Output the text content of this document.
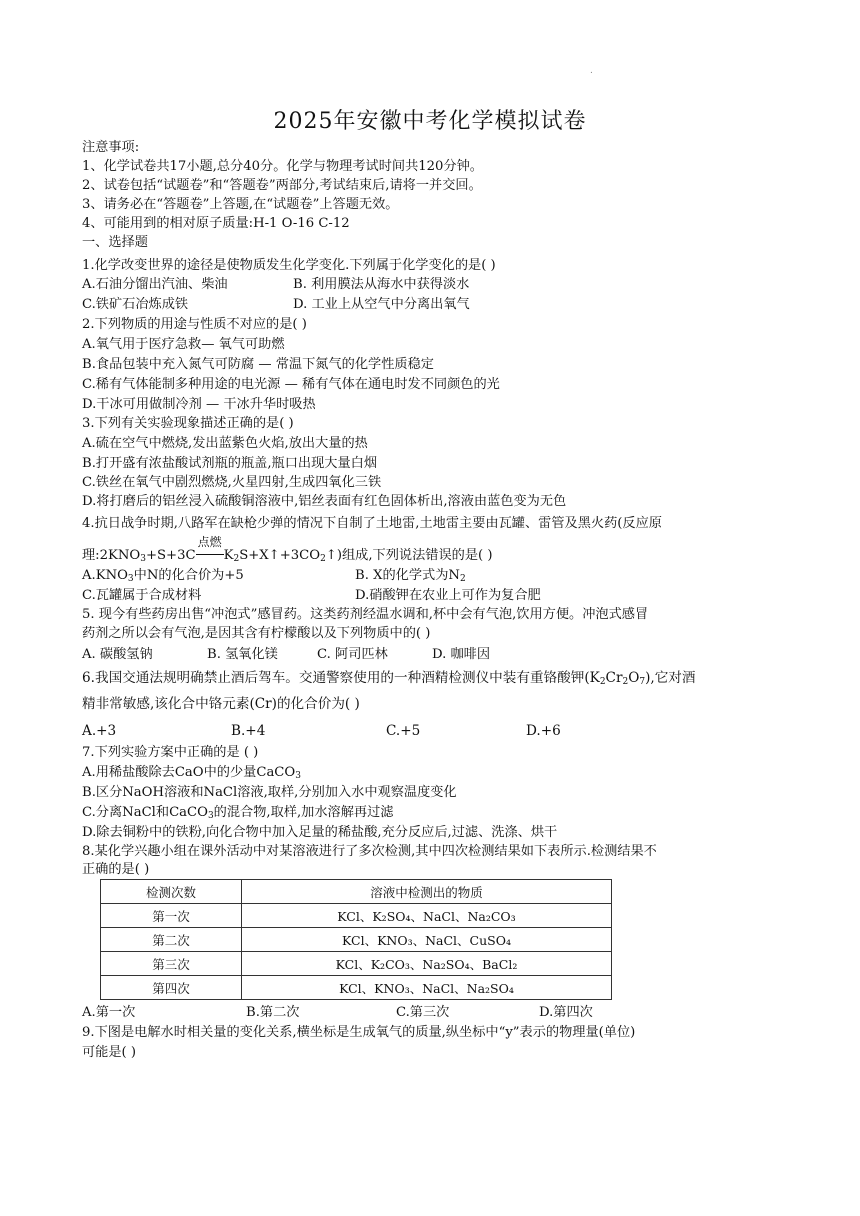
.
2025年安徽中考化学模拟试卷
注意事项:
1、化学试卷共17小题,总分40分。化学与物理考试时间共120分钟。
2、试卷包括“试题卷”和“答题卷”两部分,考试结束后,请将一并交回。
3、请务必在“答题卷”上答题,在“试题卷”上答题无效。
4、可能用到的相对原子质量:H-1 O-16 C-12
一、选择题
1.化学改变世界的途径是使物质发生化学变化.下列属于化学变化的是( )
A.石油分馏出汽油、柴油	B. 利用膜法从海水中获得淡水
C.铁矿石冶炼成铁	D. 工业上从空气中分离出氧气
2.下列物质的用途与性质不对应的是( )
A.氧气用于医疗急救— 氧气可助燃
B.食品包装中充入氮气可防腐 — 常温下氮气的化学性质稳定
C.稀有气体能制多种用途的电光源 — 稀有气体在通电时发不同颜色的光
D.干冰可用做制冷剂 — 干冰升华时吸热
3.下列有关实验现象描述正确的是( )
A.硫在空气中燃烧,发出蓝紫色火焰,放出大量的热
B.打开盛有浓盐酸试剂瓶的瓶盖,瓶口出现大量白烟
C.铁丝在氧气中剧烈燃烧,火星四射,生成四氧化三铁
D.将打磨后的铝丝浸入硫酸铜溶液中,铝丝表面有红色固体析出,溶液由蓝色变为无色
4.抗日战争时期,八路军在缺枪少弹的情况下自制了土地雷,土地雷主要由瓦罐、雷管及黑火药(反应原
理$:2KNO_3+S+3C$
点燃
$K_2S+X↑+3CO_2↑$)组成,下列说法错误的是( )
$A.KNO_3$中N的化合价为+5	B. X的化学式为$N_2$
C.瓦罐属于合成材料	D.硝酸钾在农业上可作为复合肥
5. 现今有些药房出售“冲泡式”感冒药。这类药剂经温水调和,杯中会有气泡,饮用方便。冲泡式感冒
药剂之所以会有气泡,是因其含有柠檬酸以及下列物质中的( )
A. 碳酸氢钠	B. 氢氧化镁	C. 阿司匹林	D. 咖啡因
6.我国交通法规明确禁止酒后驾车。交通警察使用的一种酒精检测仪中装有重铬酸钾$(K_2Cr_2O_7)$,它对酒
精非常敏感,该化合中铬元素(Cr)的化合价为( )
A.+3	B.+4	C.+5	D.+6
7.下列实验方案中正确的是 ( )
A.用稀盐酸除去CaO中的少量CaCO$_3$
B.区分NaOH溶液和NaCl溶液,取样,分别加入水中观察温度变化
C.分离NaCl和CaCO$_3$的混合物,取样,加水溶解再过滤
D.除去铜粉中的铁粉,向化合物中加入足量的稀盐酸,充分反应后,过滤、洗涤、烘干
8.某化学兴趣小组在课外活动中对某溶液进行了多次检测,其中四次检测结果如下表所示.检测结果不
正确的是( )
检测次数	溶液中检测出的物质
第一次	KCl、K₂SO₄、NaCl、Na₂CO₃
第二次	KCl、KNO₃、NaCl、CuSO₄
第三次	KCl、K₂CO₃、Na₂SO₄、BaCl₂
第四次	KCl、KNO₃、NaCl、Na₂SO₄
A.第一次	B.第二次	C.第三次	D.第四次
9.下图是电解水时相关量的变化关系,横坐标是生成氧气的质量,纵坐标中“y”表示的物理量(单位)
可能是( )
